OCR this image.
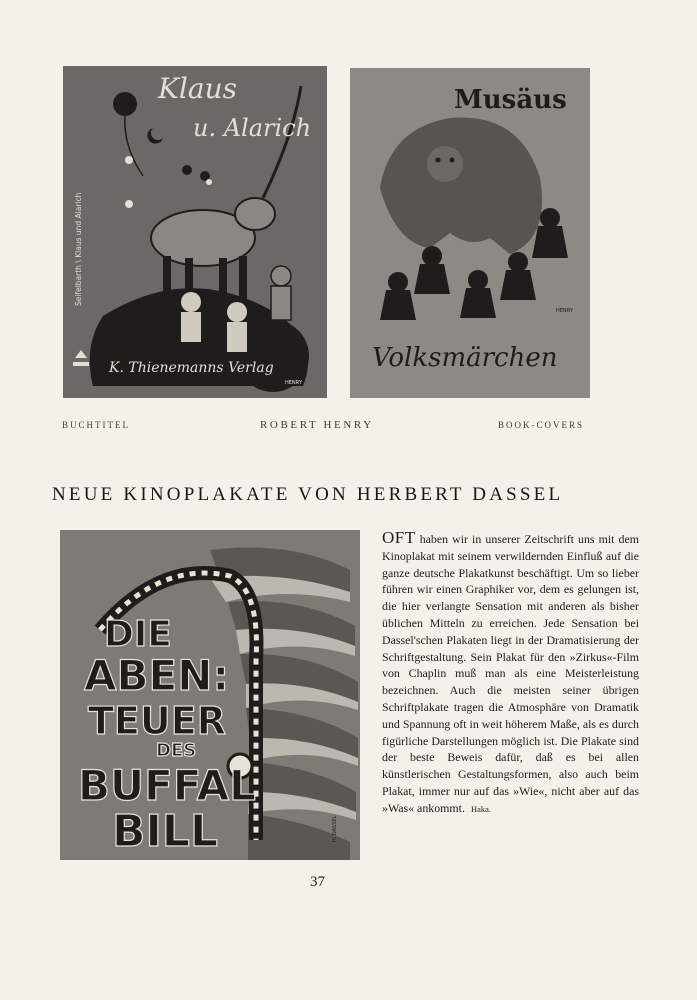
Klaus
u. Alarich
Seifelbarth \ Klaus und Alarich
K. Thienemanns Verlag
HENRY
Musäus
Volksmärchen
HENRY
BUCHTITEL	ROBERT HENRY	BOOK-COVERS
NEUE KINOPLAKATE VON HERBERT DASSEL
DIE
ABEN:
TEUER
DES
BUFFAL
BILL	H. DASSEL

OFT haben wir in unserer Zeitschrift uns mit dem Kinoplakat mit seinem verwildernden Einfluß auf die ganze deutsche Plakatkunst beschäftigt. Um so lieber führen wir einen Graphiker vor, dem es gelungen ist, die hier verlangte Sensation mit anderen als bisher üblichen Mitteln zu erreichen. Jede Sensation bei Dassel'schen Plakaten liegt in der Dramatisierung der Schriftgestaltung. Sein Plakat für den »Zirkus«-Film von Chaplin muß man als eine Meisterleistung bezeichnen. Auch die meisten seiner übrigen Schriftplakate tragen die Atmosphäre von Dramatik und Spannung oft in weit höherem Maße, als es durch figürliche Darstellungen möglich ist. Die Plakate sind der beste Beweis dafür, daß es bei allen künstlerischen Gestaltungsformen, also auch beim Plakat, immer nur auf das »Wie«, nicht aber auf das »Was« ankommt. Haka.

37
